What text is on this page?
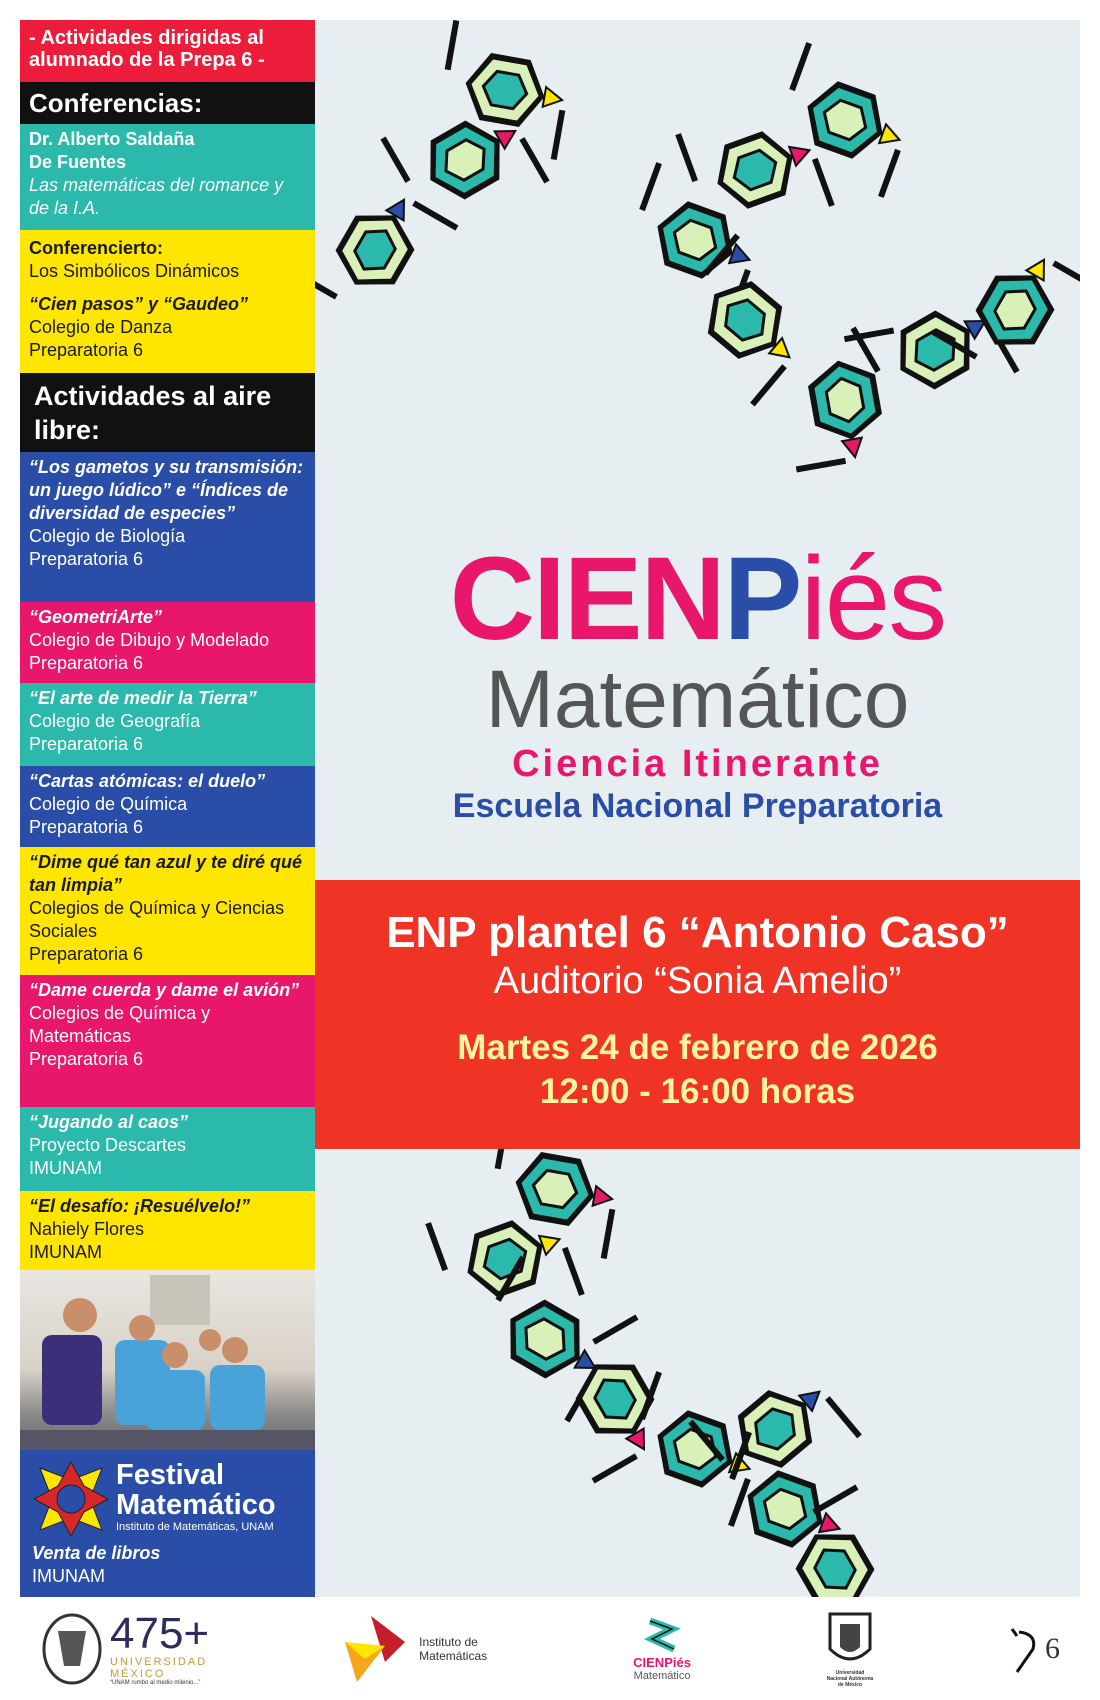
- Actividades dirigidas al alumnado de la Prepa 6 -
Conferencias:
Dr. Alberto Saldaña
De Fuentes
Las matemáticas del romance y de la I.A.
Conferencierto:
Los Simbólicos Dinámicos
“Cien pasos” y “Gaudeo”
Colegio de Danza
Preparatoria 6
Actividades al aire libre:
“Los gametos y su transmisión: un juego lúdico” e “Índices de diversidad de especies”
Colegio de Biología
Preparatoria 6
“GeometriArte”
Colegio de Dibujo y Modelado
Preparatoria 6
“El arte de medir la Tierra”
Colegio de Geografía
Preparatoria 6
“Cartas atómicas: el duelo”
Colegio de Química
Preparatoria 6
“Dime qué tan azul y te diré qué tan limpia”
Colegios de Química y Ciencias Sociales
Preparatoria 6
“Dame cuerda y dame el avión”
Colegios de Química y Matemáticas
Preparatoria 6
“Jugando al caos”
Proyecto Descartes
IMUNAM
“El desafío: ¡Resuélvelo!”
Nahiely Flores
IMUNAM
Festival
Matemático
Instituto de Matemáticas, UNAM
Venta de libros
IMUNAM
CIENPiés
Matemático
Ciencia Itinerante
Escuela Nacional Preparatoria
ENP plantel 6 “Antonio Caso”
Auditorio “Sonia Amelio”
Martes 24 de febrero de 2026
12:00 - 16:00 horas
475+
UNIVERSIDAD MÉXICO
“UNAM rumbo al medio milenio...”
Instituto de Matemáticas	CIENPiés
Matemático	Universidad Nacional Autónoma de México
6
